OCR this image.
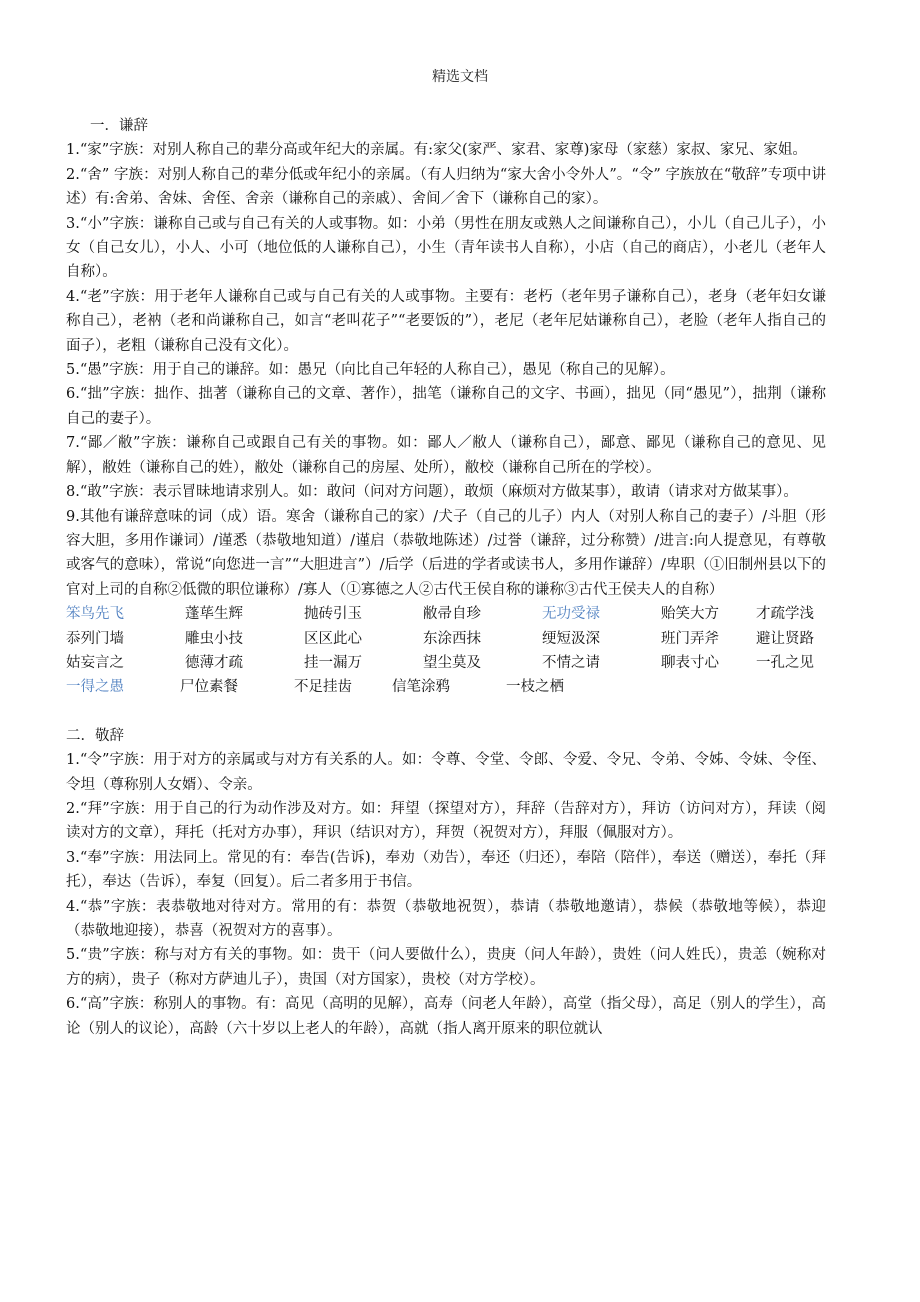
精选文档
一．谦辞
1.“家”字族：对别人称自己的辈分高或年纪大的亲属。有:家父(家严、家君、家尊)家母（家慈）家叔、家兄、家姐。
2.“舍” 字族：对别人称自己的辈分低或年纪小的亲属。（有人归纳为“家大舍小令外人”。“令” 字族放在“敬辞”专项中讲述）有:舍弟、舍妹、舍侄、舍亲（谦称自己的亲戚）、舍间／舍下（谦称自己的家）。
3.“小”字族：谦称自己或与自己有关的人或事物。如：小弟（男性在朋友或熟人之间谦称自己），小儿（自己儿子），小女（自己女儿），小人、小可（地位低的人谦称自己），小生（青年读书人自称），小店（自己的商店），小老儿（老年人自称）。
4.“老”字族：用于老年人谦称自己或与自己有关的人或事物。主要有：老朽（老年男子谦称自己），老身（老年妇女谦称自己），老衲（老和尚谦称自己，如言“老叫花子”“老要饭的”），老尼（老年尼姑谦称自己），老脸（老年人指自己的面子），老粗（谦称自己没有文化）。
5.“愚”字族：用于自己的谦辞。如：愚兄（向比自己年轻的人称自己），愚见（称自己的见解）。
6.“拙”字族：拙作、拙著（谦称自己的文章、著作），拙笔（谦称自己的文字、书画），拙见（同“愚见”），拙荆（谦称自己的妻子）。
7.“鄙／敝”字族：谦称自己或跟自己有关的事物。如：鄙人／敝人（谦称自己），鄙意、鄙见（谦称自己的意见、见解），敝姓（谦称自己的姓），敝处（谦称自己的房屋、处所），敝校（谦称自己所在的学校）。
8.“敢”字族：表示冒昧地请求别人。如：敢问（问对方问题），敢烦（麻烦对方做某事），敢请（请求对方做某事）。
9.其他有谦辞意味的词（成）语。寒舍（谦称自己的家）/犬子（自己的儿子）内人（对别人称自己的妻子）/斗胆（形容大胆，多用作谦词）/谨悉（恭敬地知道）/谨启（恭敬地陈述）/过誉（谦辞，过分称赞）/进言:向人提意见，有尊敬或客气的意味），常说“向您进一言”“大胆进言”）/后学（后进的学者或读书人，多用作谦辞）/卑职（①旧制州县以下的官对上司的自称②低微的职位谦称）/寡人（①寡德之人②古代王侯自称的谦称③古代王侯夫人的自称）
笨鸟先飞	蓬荜生辉	抛砖引玉	敝帚自珍	无功受禄	贻笑大方	才疏学浅
忝列门墙	雕虫小技	区区此心	东涂西抹	绠短汲深	班门弄斧	避让贤路
姑妄言之	德薄才疏	挂一漏万	望尘莫及	不情之请	聊表寸心	一孔之见
一得之愚	尸位素餐	不足挂齿	信笔涂鸦	一枝之栖
二．敬辞
1.“令”字族：用于对方的亲属或与对方有关系的人。如：令尊、令堂、令郎、令爱、令兄、令弟、令姊、令妹、令侄、令坦（尊称别人女婿）、令亲。
2.“拜”字族：用于自己的行为动作涉及对方。如：拜望（探望对方），拜辞（告辞对方），拜访（访问对方），拜读（阅读对方的文章），拜托（托对方办事），拜识（结识对方），拜贺（祝贺对方），拜服（佩服对方）。
3.“奉”字族：用法同上。常见的有：奉告(告诉)，奉劝（劝告），奉还（归还），奉陪（陪伴），奉送（赠送），奉托（拜托），奉达（告诉），奉复（回复）。后二者多用于书信。
4.“恭”字族：表恭敬地对待对方。常用的有：恭贺（恭敬地祝贺），恭请（恭敬地邀请），恭候（恭敬地等候），恭迎（恭敬地迎接），恭喜（祝贺对方的喜事）。
5.“贵”字族：称与对方有关的事物。如：贵干（问人要做什么），贵庚（问人年龄），贵姓（问人姓氏），贵恙（婉称对方的病），贵子（称对方萨迪儿子），贵国（对方国家），贵校（对方学校）。
6.“高”字族：称别人的事物。有：高见（高明的见解），高寿（问老人年龄），高堂（指父母），高足（别人的学生），高论（别人的议论），高龄（六十岁以上老人的年龄），高就（指人离开原来的职位就认
